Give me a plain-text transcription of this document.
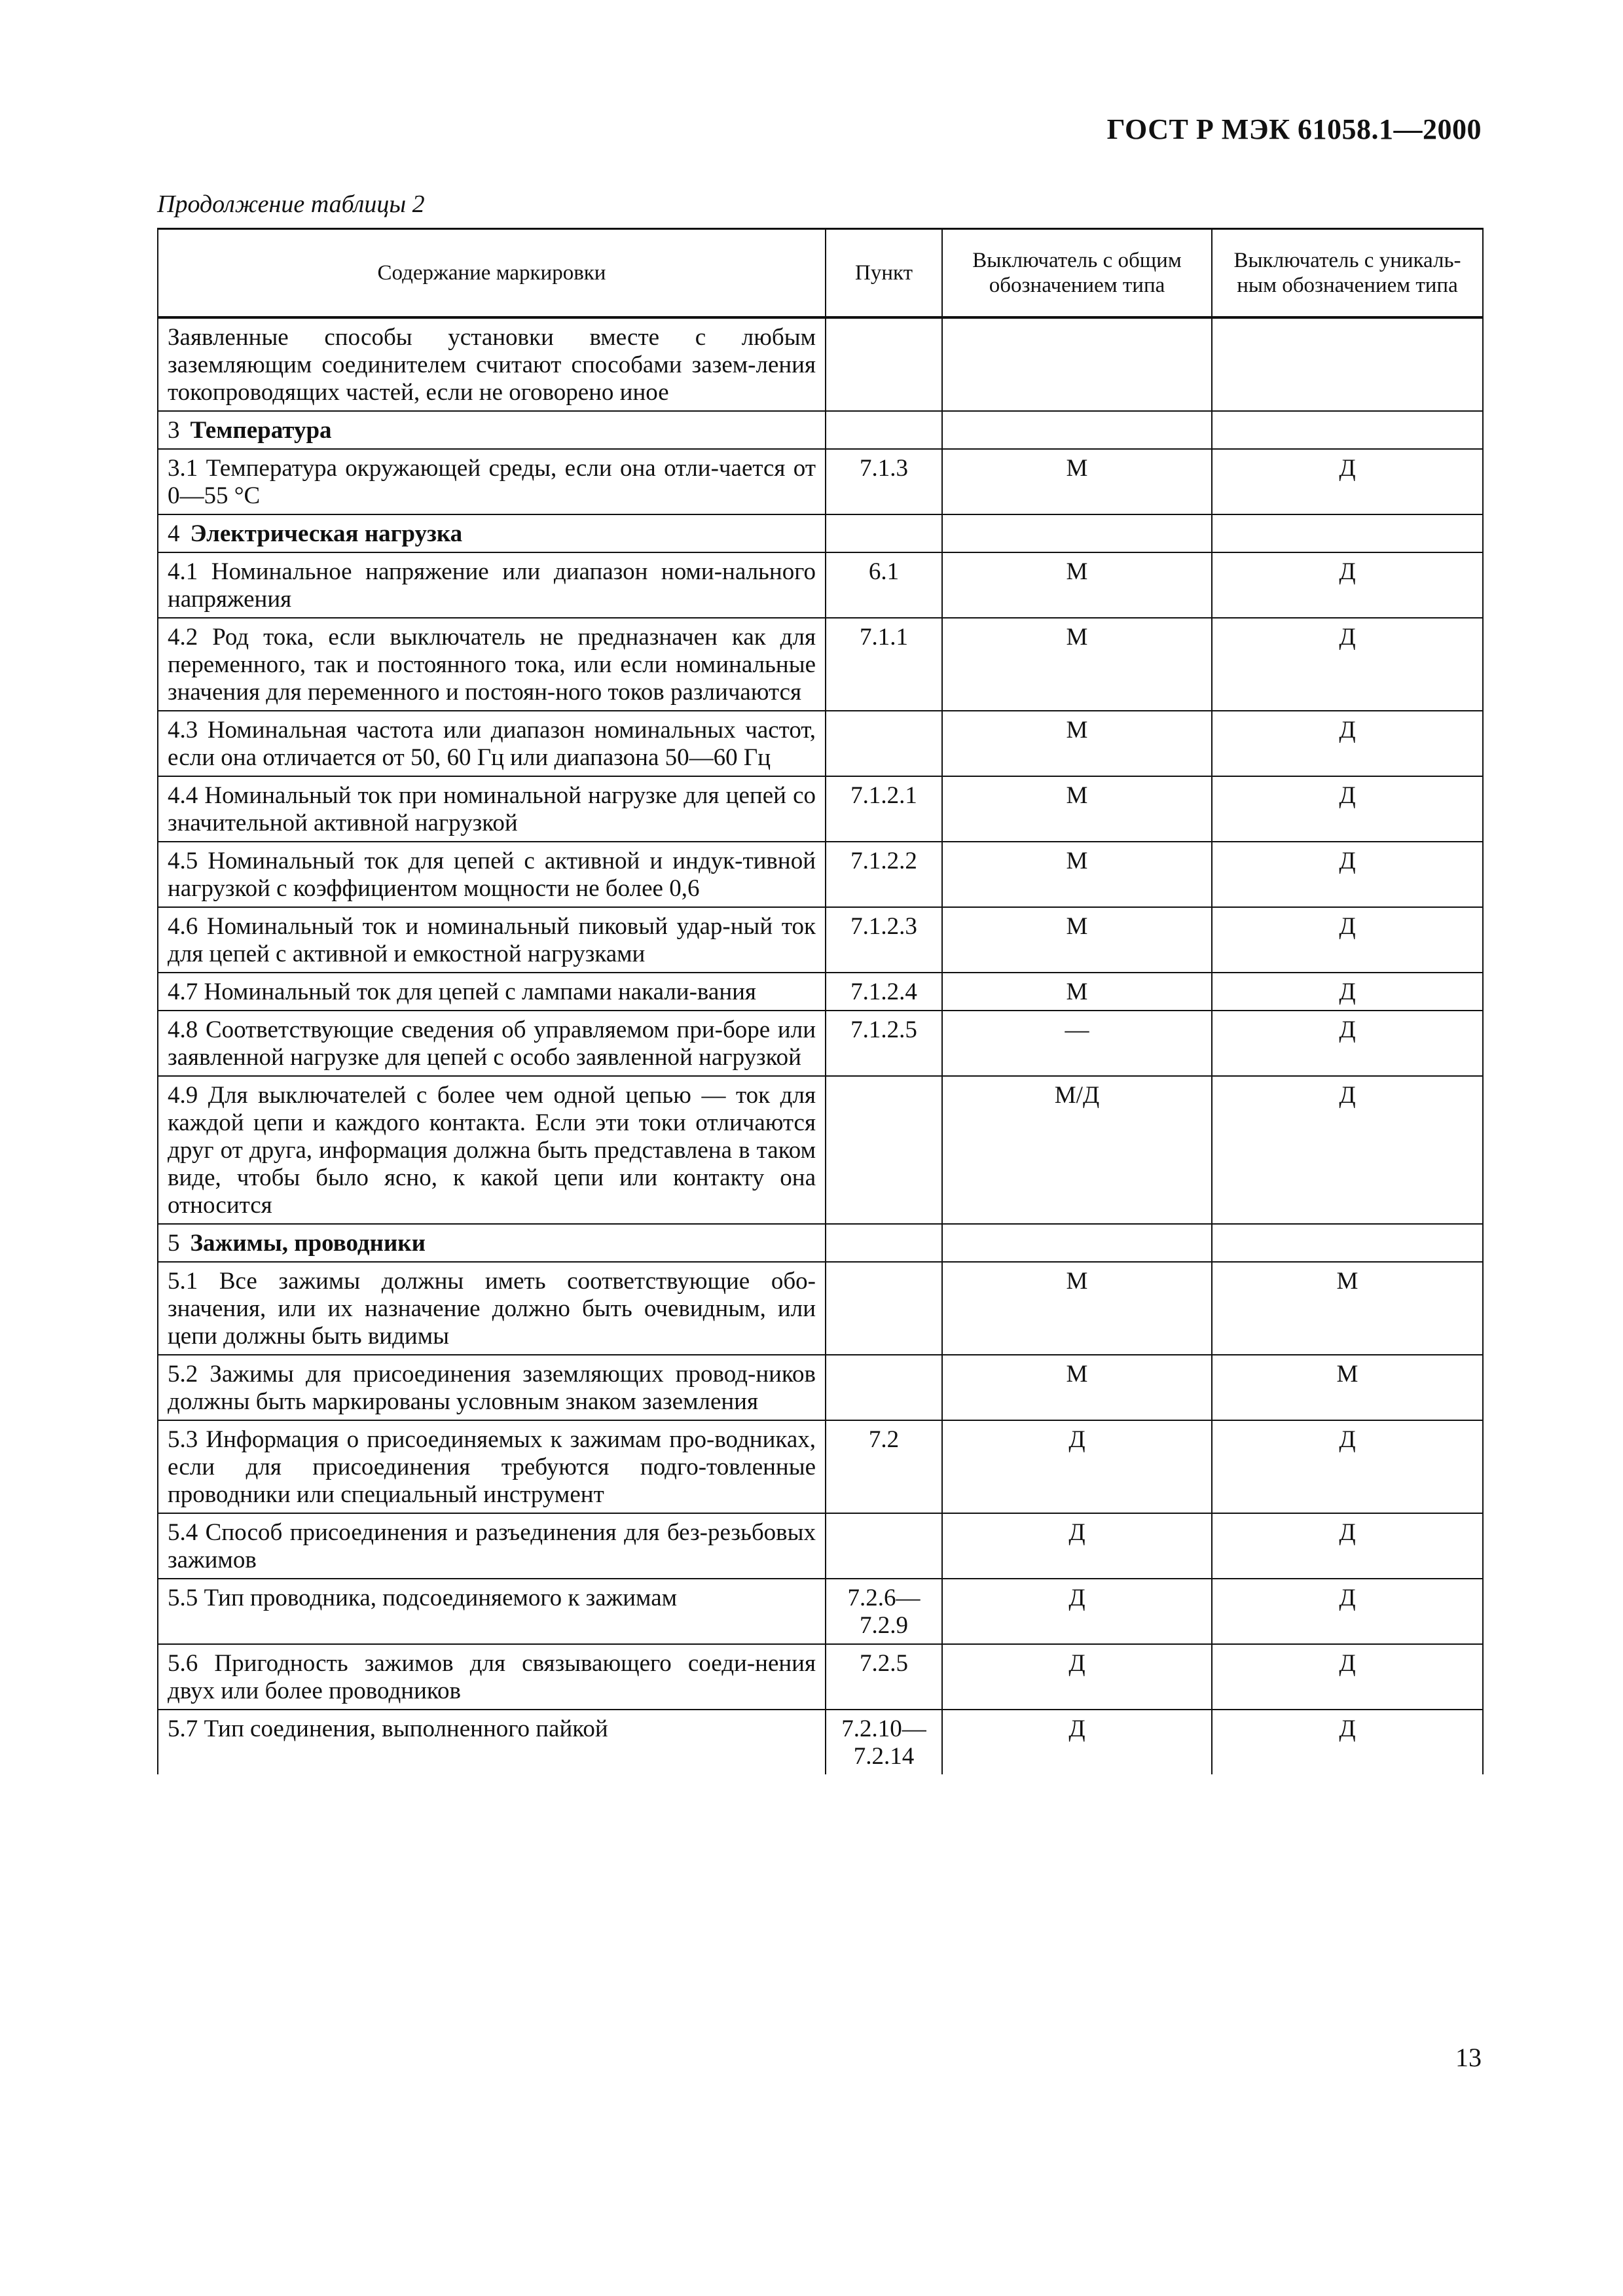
ГОСТ Р МЭК 61058.1—2000
Продолжение таблицы 2
Содержание маркировки	Пункт	Выключатель с общим обозначением типа	Выключатель с уникаль-ным обозначением типа
Заявленные способы установки вместе с любым заземляющим соединителем считают способами зазем-ления токопроводящих частей, если не оговорено иное			
3 Температура			
3.1 Температура окружающей среды, если она отли-чается от 0—55 °С	7.1.3	М	Д
4 Электрическая нагрузка			
4.1 Номинальное напряжение или диапазон номи-нального напряжения	6.1	М	Д
4.2 Род тока, если выключатель не предназначен как для переменного, так и постоянного тока, или если номинальные значения для переменного и постоян-ного токов различаются	7.1.1	М	Д
4.3 Номинальная частота или диапазон номинальных частот, если она отличается от 50, 60 Гц или диапазона 50—60 Гц		М	Д
4.4 Номинальный ток при номинальной нагрузке для цепей со значительной активной нагрузкой	7.1.2.1	М	Д
4.5 Номинальный ток для цепей с активной и индук-тивной нагрузкой с коэффициентом мощности не более 0,6	7.1.2.2	М	Д
4.6 Номинальный ток и номинальный пиковый удар-ный ток для цепей с активной и емкостной нагрузками	7.1.2.3	М	Д
4.7 Номинальный ток для цепей с лампами накали-вания	7.1.2.4	М	Д
4.8 Соответствующие сведения об управляемом при-боре или заявленной нагрузке для цепей с особо заявленной нагрузкой	7.1.2.5	—	Д
4.9 Для выключателей с более чем одной цепью — ток для каждой цепи и каждого контакта. Если эти токи отличаются друг от друга, информация должна быть представлена в таком виде, чтобы было ясно, к какой цепи или контакту она относится		М/Д	Д
5 Зажимы, проводники			
5.1 Все зажимы должны иметь соответствующие обо-значения, или их назначение должно быть очевидным, или цепи должны быть видимы		М	М
5.2 Зажимы для присоединения заземляющих провод-ников должны быть маркированы условным знаком заземления		М	М
5.3 Информация о присоединяемых к зажимам про-водниках, если для присоединения требуются подго-товленные проводники или специальный инструмент	7.2	Д	Д
5.4 Способ присоединения и разъединения для без-резьбовых зажимов		Д	Д
5.5 Тип проводника, подсоединяемого к зажимам	7.2.6— 7.2.9	Д	Д
5.6 Пригодность зажимов для связывающего соеди-нения двух или более проводников	7.2.5	Д	Д
5.7 Тип соединения, выполненного пайкой	7.2.10— 7.2.14	Д	Д
13
